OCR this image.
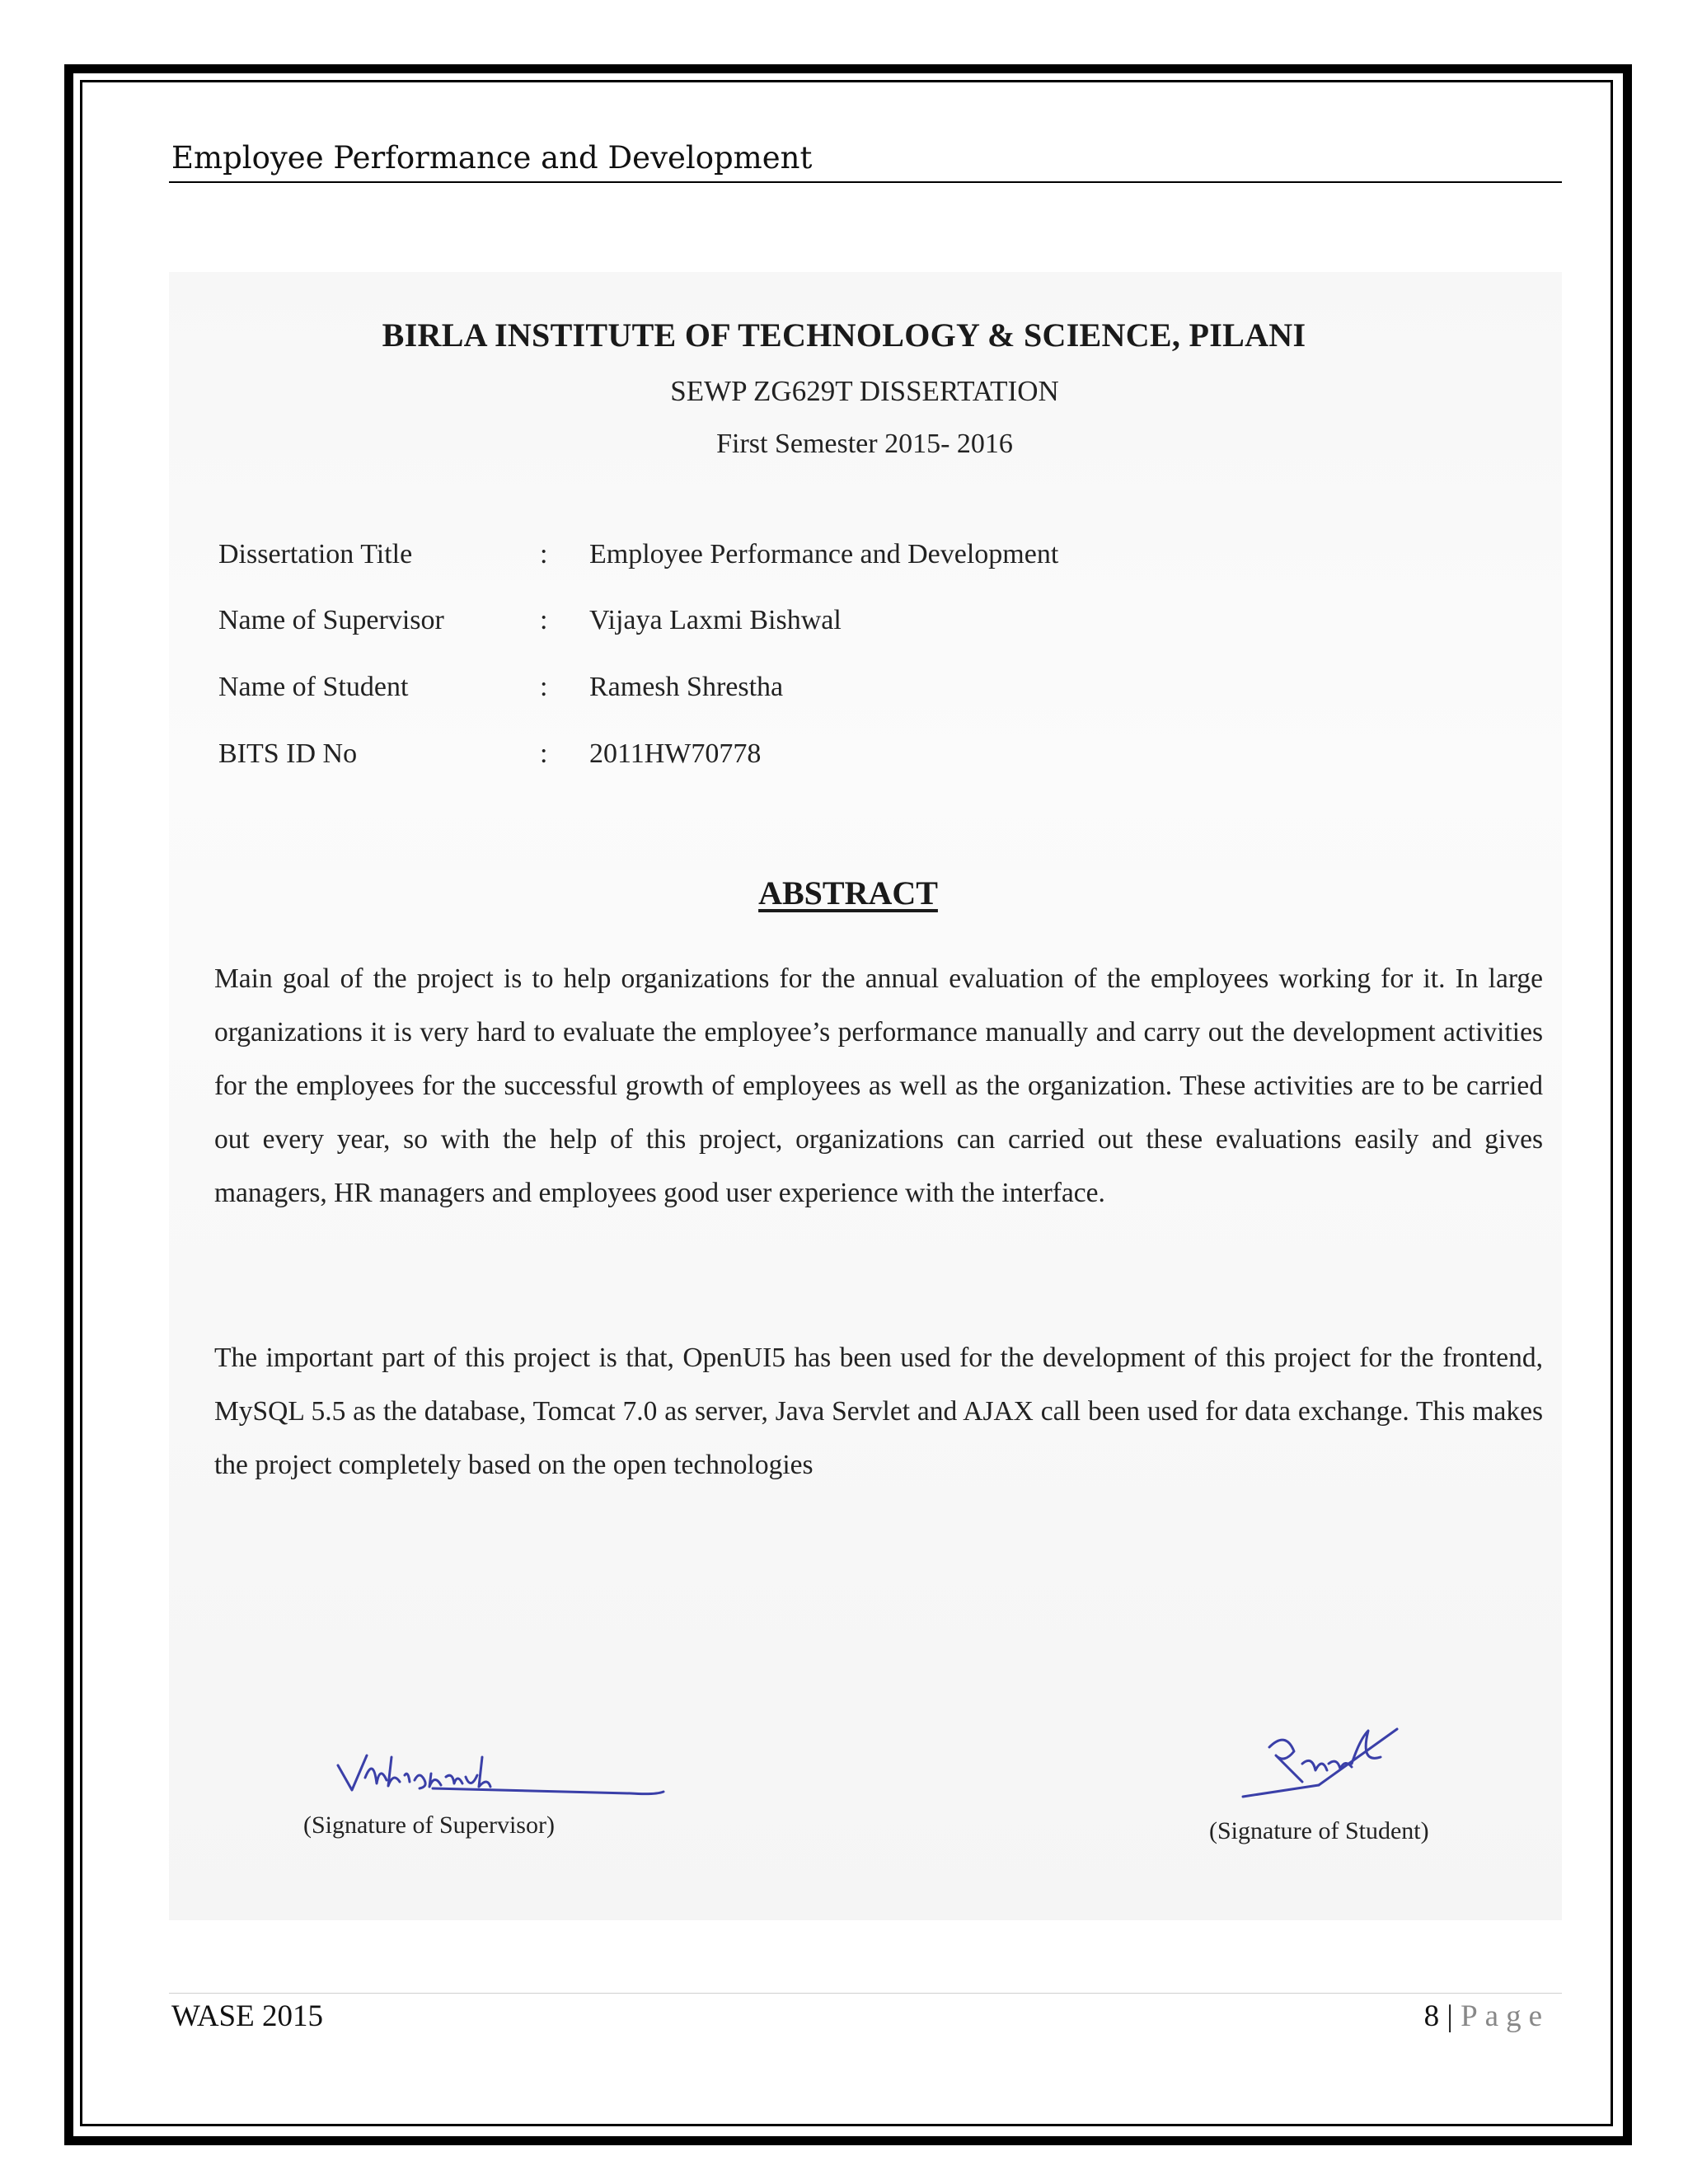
Employee Performance and Development
BIRLA INSTITUTE OF TECHNOLOGY & SCIENCE, PILANI
SEWP ZG629T DISSERTATION
First Semester 2015- 2016
Dissertation Title	: Employee Performance and Development
Name of Supervisor	: Vijaya Laxmi Bishwal
Name of Student	: Ramesh Shrestha
BITS ID No	: 2011HW70778
ABSTRACT
Main goal of the project is to help organizations for the annual evaluation of the employees working for it. In large organizations it is very hard to evaluate the employee’s performance manually and carry out the development activities for the employees for the successful growth of employees as well as the organization. These activities are to be carried out every year, so with the help of this project, organizations can carried out these evaluations easily and gives managers, HR managers and employees good user experience with the interface.
The important part of this project is that, OpenUI5 has been used for the development of this project for the frontend, MySQL 5.5 as the database, Tomcat 7.0 as server, Java Servlet and AJAX call been used for data exchange. This makes the project completely based on the open technologies
(Signature of Supervisor)	(Signature of Student)
WASE 2015	8 | Page
